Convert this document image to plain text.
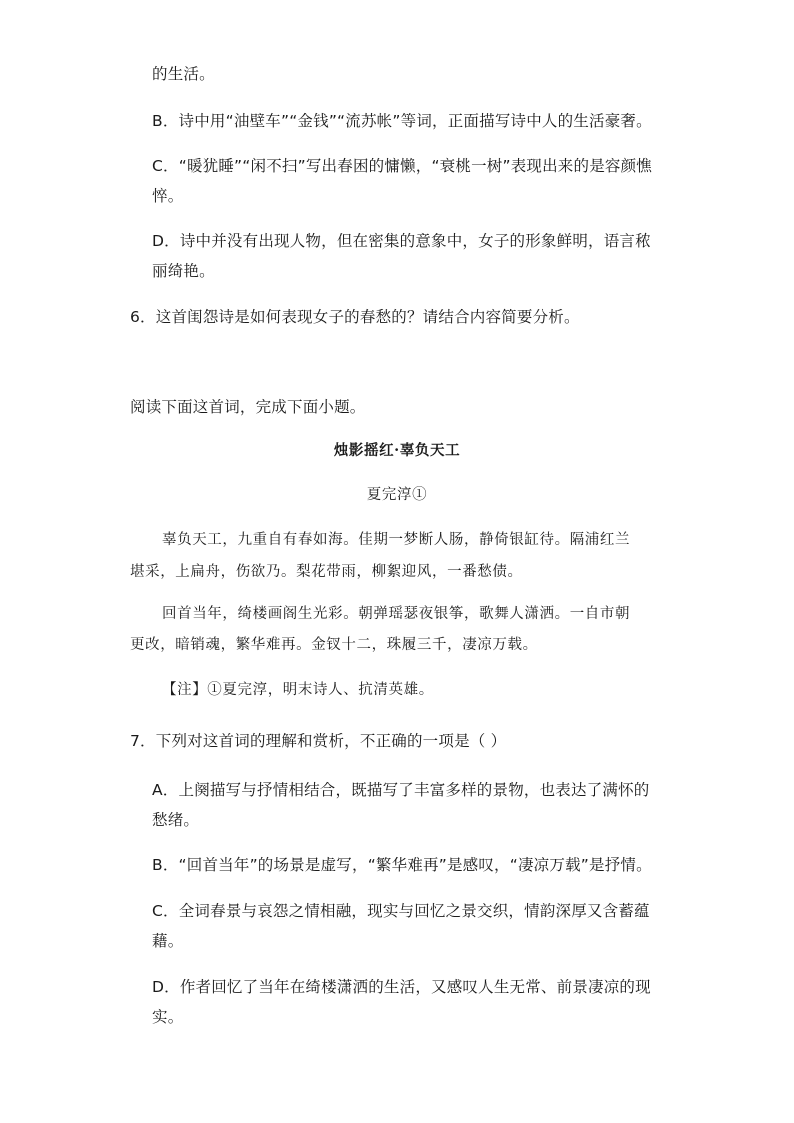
的生活。
B．诗中用“油壁车”“金钱”“流苏帐”等词，正面描写诗中人的生活豪奢。
C．“暖犹睡”“闲不扫”写出春困的慵懒，“衰桃一树”表现出来的是容颜憔
悴。
D．诗中并没有出现人物，但在密集的意象中，女子的形象鲜明，语言秾
丽绮艳。
6．这首闺怨诗是如何表现女子的春愁的？请结合内容简要分析。
阅读下面这首词，完成下面小题。
烛影摇红·辜负天工
夏完淳①
辜负天工，九重自有春如海。佳期一梦断人肠，静倚银缸待。隔浦红兰
堪采，上扁舟，伤欲乃。梨花带雨，柳絮迎风，一番愁债。
回首当年，绮楼画阁生光彩。朝弹瑶瑟夜银筝，歌舞人潇洒。一自市朝
更改，暗销魂，繁华难再。金钗十二，珠履三千，凄凉万载。
【注】①夏完淳，明末诗人、抗清英雄。
7．下列对这首词的理解和赏析，不正确的一项是（ ）
A．上阕描写与抒情相结合，既描写了丰富多样的景物，也表达了满怀的
愁绪。
B．“回首当年”的场景是虚写，“繁华难再”是感叹，“凄凉万载”是抒情。
C．全词春景与哀怨之情相融，现实与回忆之景交织，情韵深厚又含蓄蕴
藉。
D．作者回忆了当年在绮楼潇洒的生活，又感叹人生无常、前景凄凉的现
实。
